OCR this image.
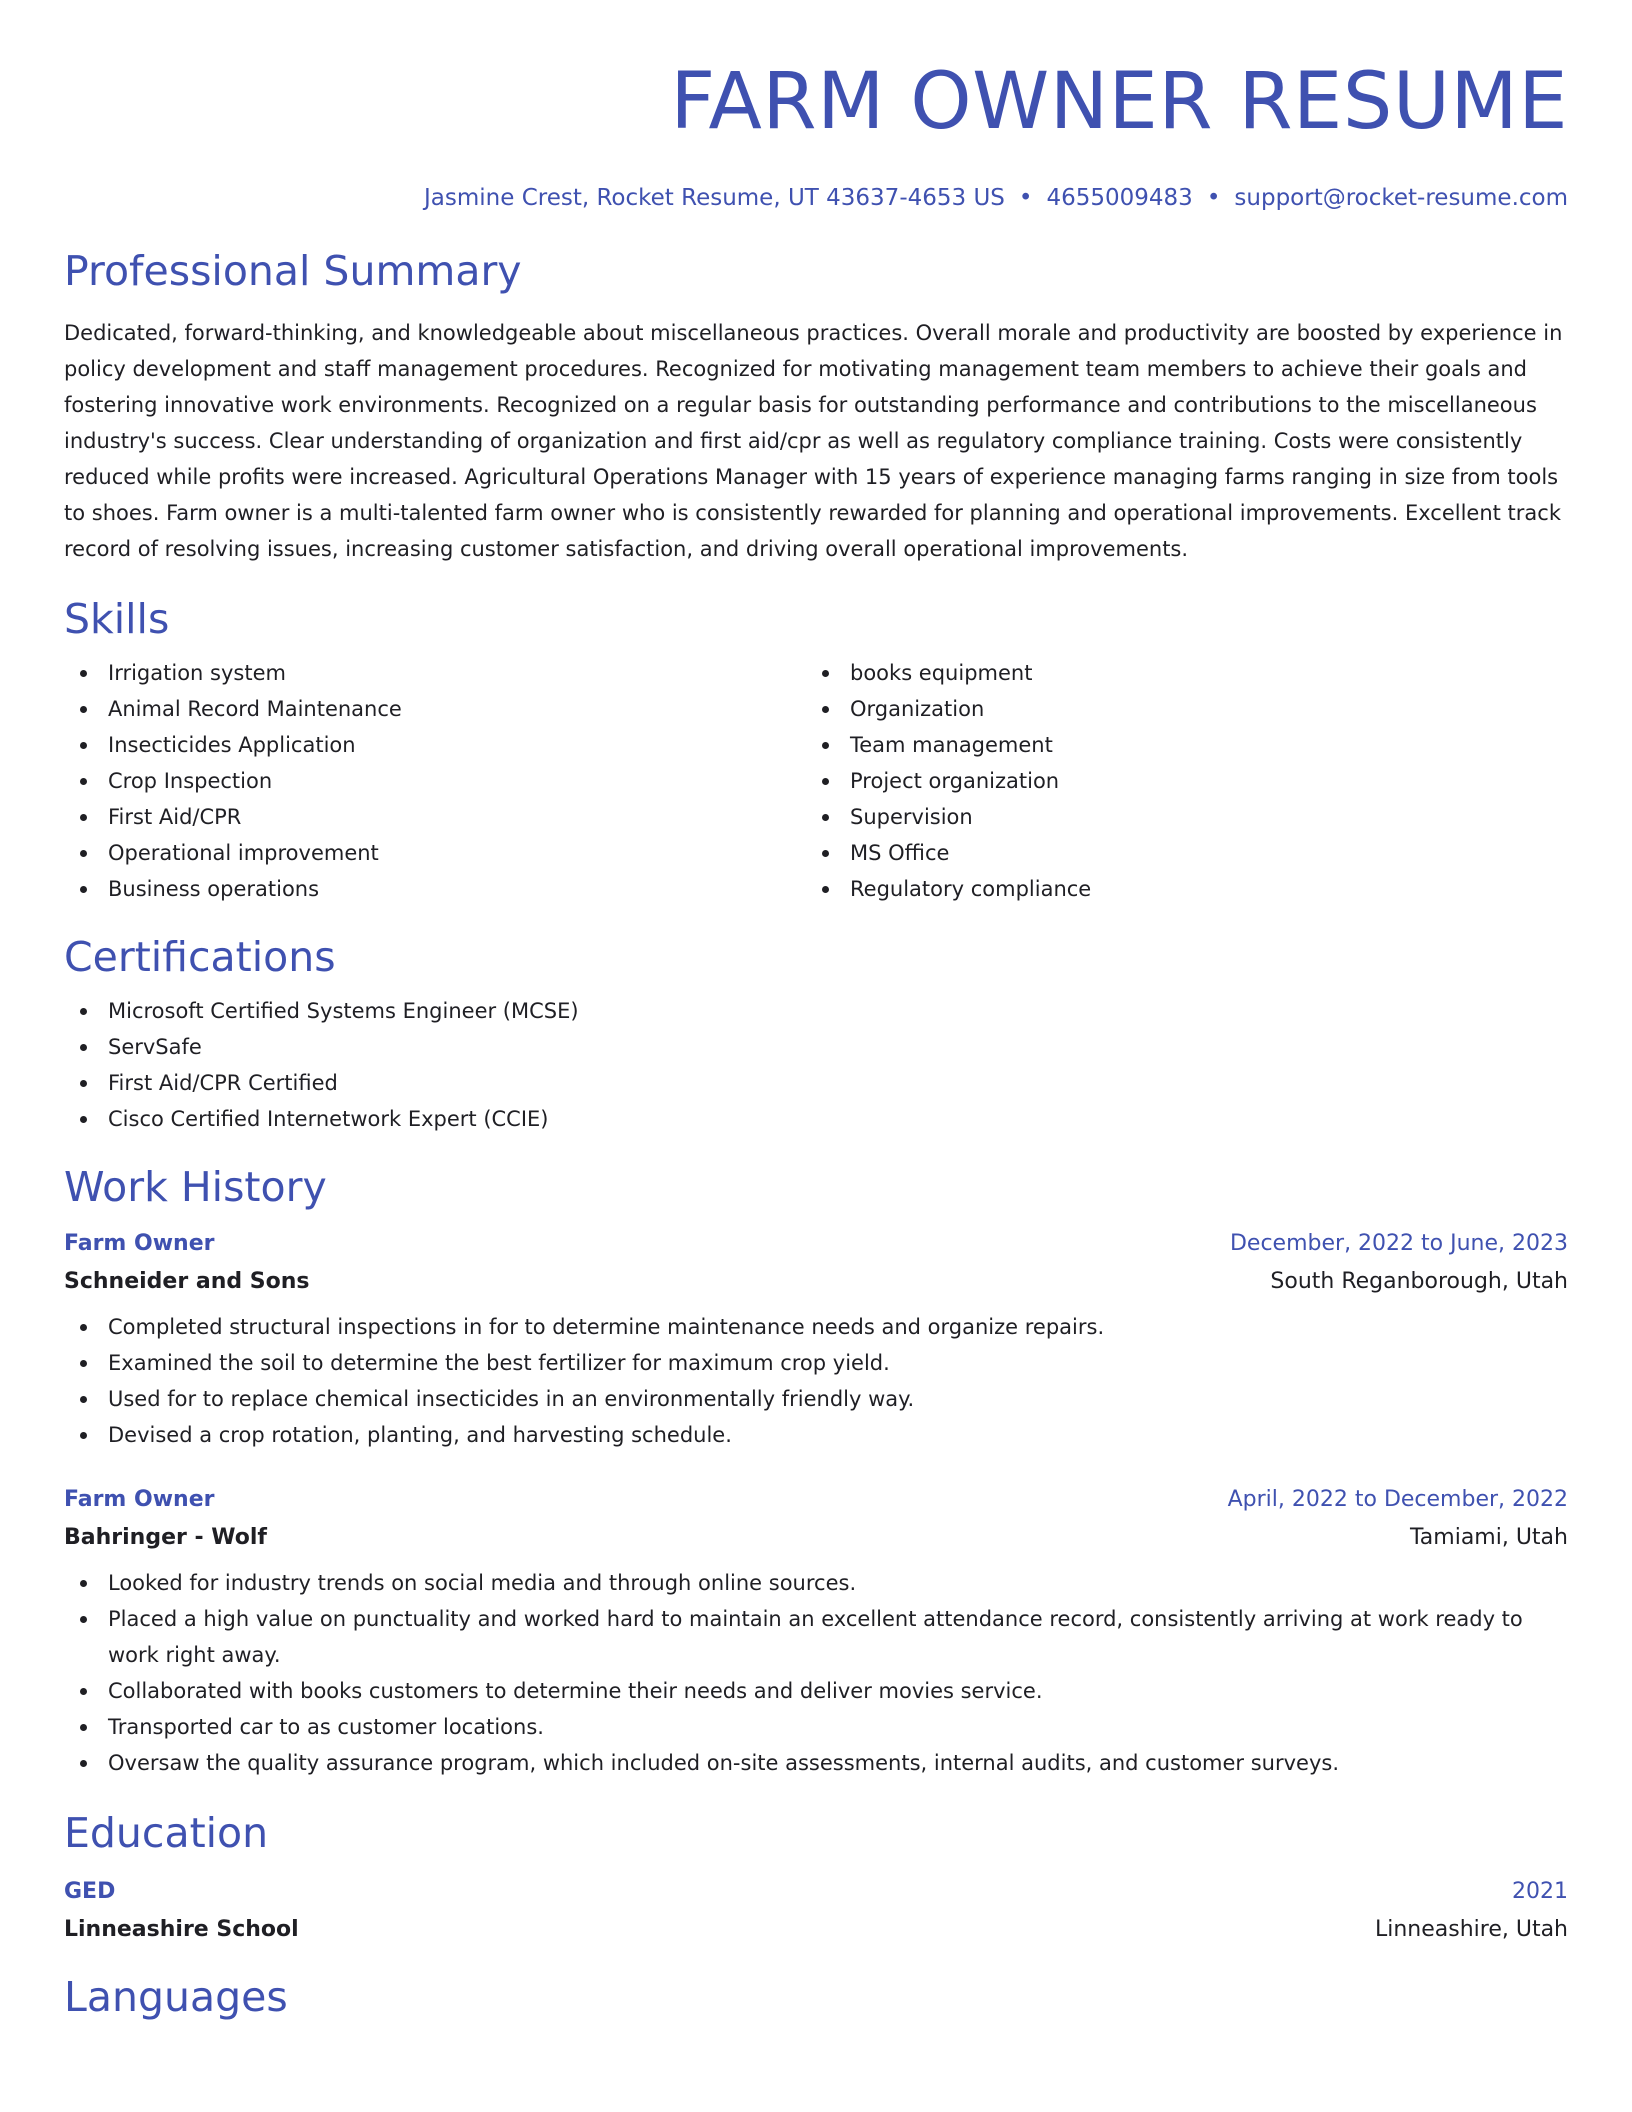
FARM OWNER RESUME
Jasmine Crest, Rocket Resume, UT 43637-4653 US • 4655009483 • support@rocket-resume.com
Professional Summary

Dedicated, forward-thinking, and knowledgeable about miscellaneous practices. Overall morale and productivity are boosted by experience in policy development and staff management procedures. Recognized for motivating management team members to achieve their goals and fostering innovative work environments. Recognized on a regular basis for outstanding performance and contributions to the miscellaneous industry's success. Clear understanding of organization and first aid/cpr as well as regulatory compliance training. Costs were consistently reduced while profits were increased. Agricultural Operations Manager with 15 years of experience managing farms ranging in size from tools to shoes. Farm owner is a multi-talented farm owner who is consistently rewarded for planning and operational improvements. Excellent track record of resolving issues, increasing customer satisfaction, and driving overall operational improvements.

Skills
Irrigation system
Animal Record Maintenance
Insecticides Application
Crop Inspection
First Aid/CPR
Operational improvement
Business operations
books equipment
Organization
Team management
Project organization
Supervision
MS Office
Regulatory compliance
Certifications
Microsoft Certified Systems Engineer (MCSE)
ServSafe
First Aid/CPR Certified
Cisco Certified Internetwork Expert (CCIE)
Work History
Farm Owner	December, 2022 to June, 2023
Schneider and Sons	South Reganborough, Utah
Completed structural inspections in for to determine maintenance needs and organize repairs.
Examined the soil to determine the best fertilizer for maximum crop yield.
Used for to replace chemical insecticides in an environmentally friendly way.
Devised a crop rotation, planting, and harvesting schedule.
Farm Owner	April, 2022 to December, 2022
Bahringer - Wolf	Tamiami, Utah
Looked for industry trends on social media and through online sources.
Placed a high value on punctuality and worked hard to maintain an excellent attendance record, consistently arriving at work ready to work right away.
Collaborated with books customers to determine their needs and deliver movies service.
Transported car to as customer locations.
Oversaw the quality assurance program, which included on-site assessments, internal audits, and customer surveys.
Education
GED	2021
Linneashire School	Linneashire, Utah
Languages
